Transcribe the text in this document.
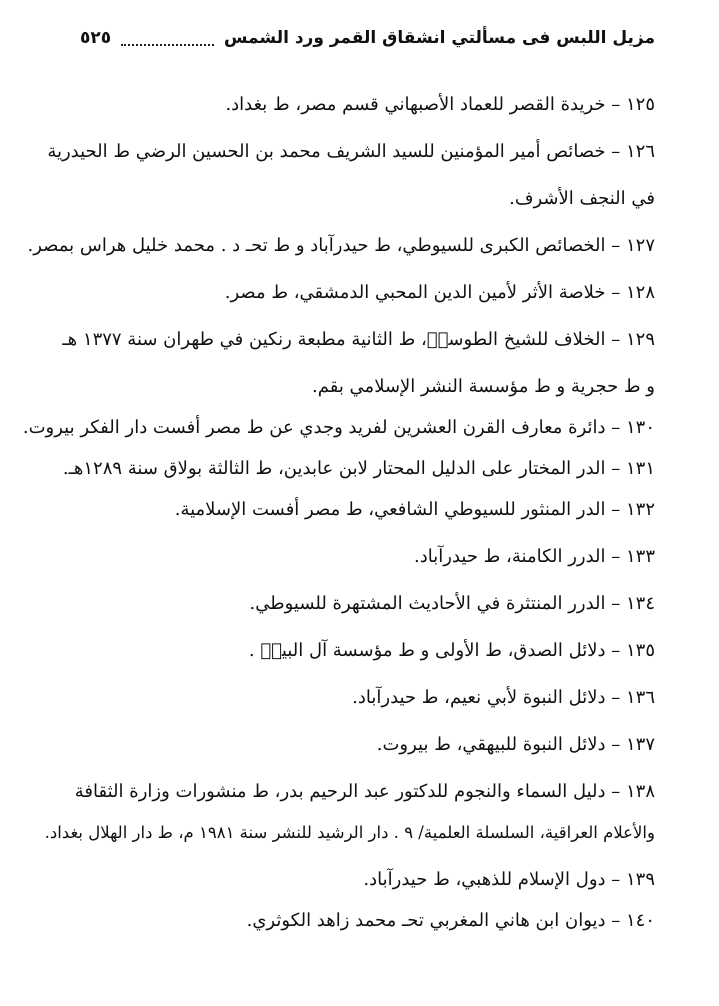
مزيل اللبس فى مسألتي انشقاق القمر ورد الشمس
٥٢٥
١٢٥ – خريدة القصر للعماد الأصبهاني قسم مصر، ط بغداد.
١٢٦ – خصائص أمير المؤمنين للسيد الشريف محمد بن الحسين الرضي ط الحيدرية
في النجف الأشرف.
١٢٧ – الخصائص الكبرى للسيوطي، ط حيدرآباد و ط تحـ د . محمد خليل هراس بمصر.
١٢٨ – خلاصة الأثر لأمين الدين المحبي الدمشقي، ط مصر.
١٢٩ – الخلاف للشيخ الطوسيؒ، ط الثانية مطبعة رنكين في طهران سنة ١٣٧٧ هـ
و ط حجرية و ط مؤسسة النشر الإسلامي بقم.
١٣٠ – دائرة معارف القرن العشرين لفريد وجدي عن ط مصر أفست دار الفكر بيروت.
١٣١ – الدر المختار على الدليل المحتار لابن عابدين، ط الثالثة بولاق سنة ١٢٨٩هـ.
١٣٢ – الدر المنثور للسيوطي الشافعي، ط مصر أفست الإسلامية.
١٣٣ – الدرر الكامنة، ط حيدرآباد.
١٣٤ – الدرر المنتثرة في الأحاديث المشتهرة للسيوطي.
١٣٥ – دلائل الصدق، ط الأولى و ط مؤسسة آل البيتؑ .
١٣٦ – دلائل النبوة لأبي نعيم، ط حيدرآباد.
١٣٧ – دلائل النبوة للبيهقي، ط بيروت.
١٣٨ – دليل السماء والنجوم للدكتور عبد الرحيم بدر، ط منشورات وزارة الثقافة
والأعلام العراقية، السلسلة العلمية/ ٩ . دار الرشيد للنشر سنة ١٩٨١ م، ط دار الهلال بغداد.
١٣٩ – دول الإسلام للذهبي، ط حيدرآباد.
١٤٠ – ديوان ابن هاني المغربي تحـ محمد زاهد الكوثري.
